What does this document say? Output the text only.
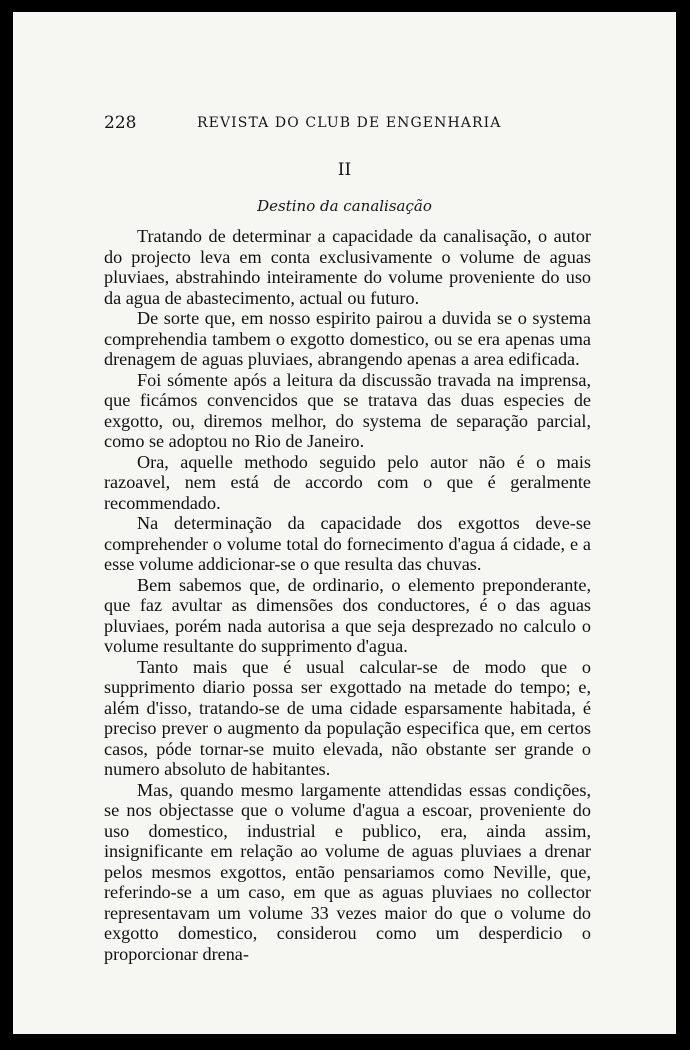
228	REVISTA DO CLUB DE ENGENHARIA
II
Destino da canalisação

Tratando de determinar a capacidade da canalisação, o autor do projecto leva em conta exclusivamente o volume de aguas pluviaes, abstrahindo inteiramente do volume proveniente do uso da agua de abastecimento, actual ou futuro.

De sorte que, em nosso espirito pairou a duvida se o systema comprehendia tambem o exgotto domestico, ou se era apenas uma drenagem de aguas pluviaes, abrangendo apenas a area edificada.

Foi sómente após a leitura da discussão travada na imprensa, que ficámos convencidos que se tratava das duas especies de exgotto, ou, diremos melhor, do systema de separação parcial, como se adoptou no Rio de Janeiro.

Ora, aquelle methodo seguido pelo autor não é o mais razoavel, nem está de accordo com o que é geralmente recommendado.

Na determinação da capacidade dos exgottos deve-se comprehender o volume total do fornecimento d'agua á cidade, e a esse volume addicionar-se o que resulta das chuvas.

Bem sabemos que, de ordinario, o elemento preponderante, que faz avultar as dimensões dos conductores, é o das aguas pluviaes, porém nada autorisa a que seja desprezado no calculo o volume resultante do supprimento d'agua.

Tanto mais que é usual calcular-se de modo que o supprimento diario possa ser exgottado na metade do tempo; e, além d'isso, tratando-se de uma cidade esparsamente habitada, é preciso prever o augmento da população especifica que, em certos casos, póde tornar-se muito elevada, não obstante ser grande o numero absoluto de habitantes.

Mas, quando mesmo largamente attendidas essas condições, se nos objectasse que o volume d'agua a escoar, proveniente do uso domestico, industrial e publico, era, ainda assim, insignificante em relação ao volume de aguas pluviaes a drenar pelos mesmos exgottos, então pensariamos como Neville, que, referindo-se a um caso, em que as aguas pluviaes no collector representavam um volume 33 vezes maior do que o volume do exgotto domestico, considerou como um desperdicio o proporcionar drena-
